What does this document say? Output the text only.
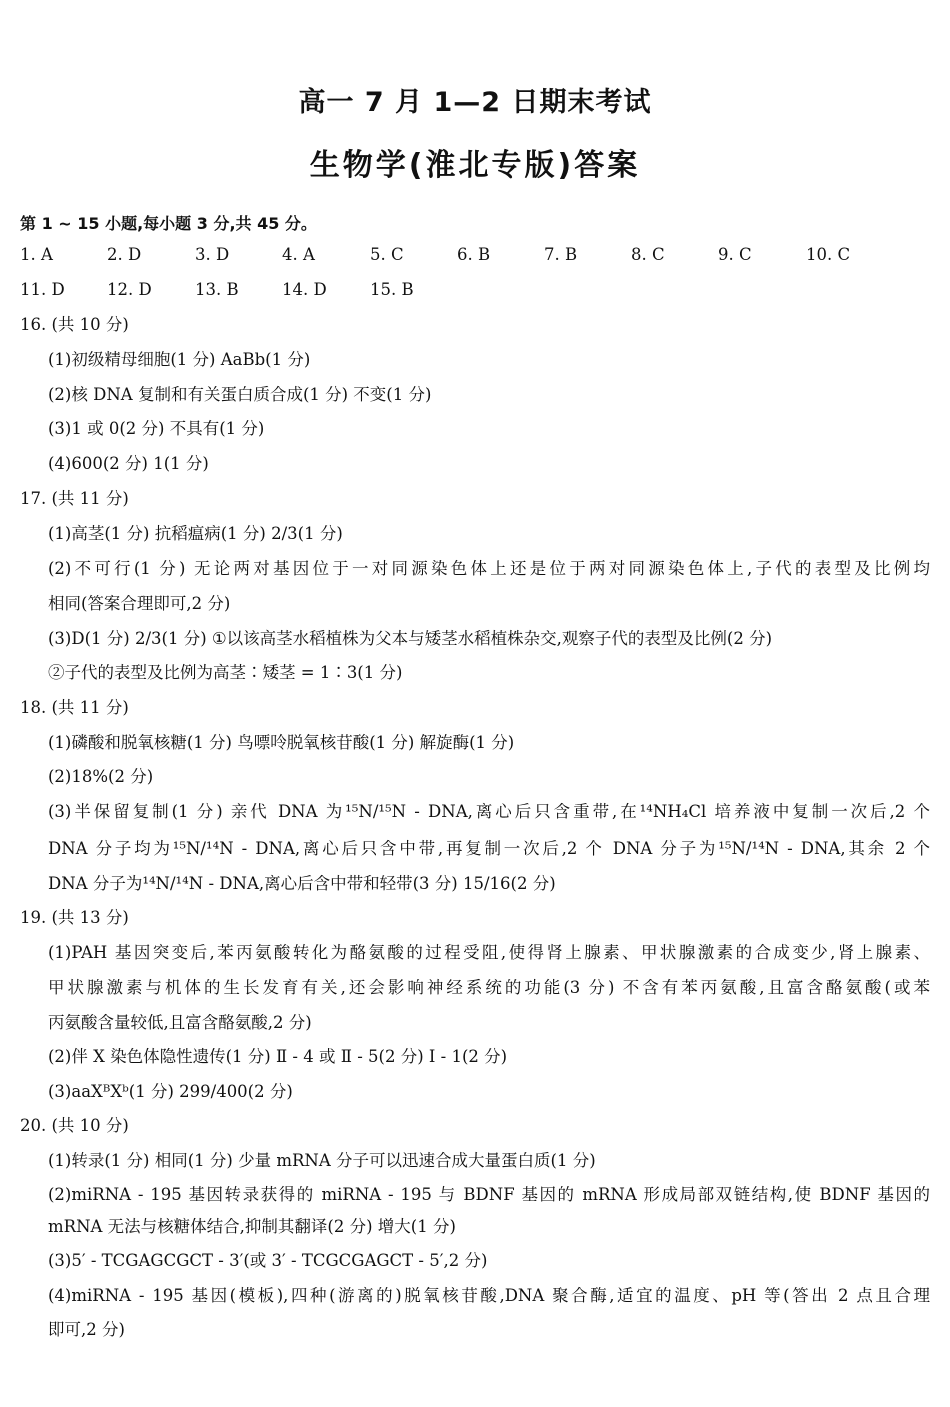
高一 7 月 1—2 日期末考试
生物学(淮北专版)答案
第 1 ~ 15 小题,每小题 3 分,共 45 分。
1. A	2. D	3. D	4. A	5. C	6. B	7. B	8. C	9. C	10. C
11. D	12. D	13. B	14. D	15. B
16. (共 10 分)
(1)初级精母细胞(1 分) AaBb(1 分)
(2)核 DNA 复制和有关蛋白质合成(1 分) 不变(1 分)
(3)1 或 0(2 分) 不具有(1 分)
(4)600(2 分) 1(1 分)
17. (共 11 分)
(1)高茎(1 分) 抗稻瘟病(1 分) 2/3(1 分)
(2)不可行(1 分) 无论两对基因位于一对同源染色体上还是位于两对同源染色体上,子代的表型及比例均
相同(答案合理即可,2 分)
(3)D(1 分) 2/3(1 分) ①以该高茎水稻植株为父本与矮茎水稻植株杂交,观察子代的表型及比例(2 分)
②子代的表型及比例为高茎∶矮茎 = 1∶3(1 分)
18. (共 11 分)
(1)磷酸和脱氧核糖(1 分) 鸟嘌呤脱氧核苷酸(1 分) 解旋酶(1 分)
(2)18%(2 分)
(3)半保留复制(1 分) 亲代 DNA 为¹⁵N/¹⁵N - DNA,离心后只含重带,在¹⁴NH₄Cl 培养液中复制一次后,2 个
DNA 分子均为¹⁵N/¹⁴N - DNA,离心后只含中带,再复制一次后,2 个 DNA 分子为¹⁵N/¹⁴N - DNA,其余 2 个
DNA 分子为¹⁴N/¹⁴N - DNA,离心后含中带和轻带(3 分) 15/16(2 分)
19. (共 13 分)
(1)PAH 基因突变后,苯丙氨酸转化为酪氨酸的过程受阻,使得肾上腺素、甲状腺激素的合成变少,肾上腺素、
甲状腺激素与机体的生长发育有关,还会影响神经系统的功能(3 分) 不含有苯丙氨酸,且富含酪氨酸(或苯
丙氨酸含量较低,且富含酪氨酸,2 分)
(2)伴 X 染色体隐性遗传(1 分) Ⅱ - 4 或 Ⅱ - 5(2 分) Ⅰ - 1(2 分)
(3)aaXᴮXᵇ(1 分) 299/400(2 分)
20. (共 10 分)
(1)转录(1 分) 相同(1 分) 少量 mRNA 分子可以迅速合成大量蛋白质(1 分)
(2)miRNA - 195 基因转录获得的 miRNA - 195 与 BDNF 基因的 mRNA 形成局部双链结构,使 BDNF 基因的
mRNA 无法与核糖体结合,抑制其翻译(2 分) 增大(1 分)
(3)5′ - TCGAGCGCT - 3′(或 3′ - TCGCGAGCT - 5′,2 分)
(4)miRNA - 195 基因(模板),四种(游离的)脱氧核苷酸,DNA 聚合酶,适宜的温度、pH 等(答出 2 点且合理
即可,2 分)
